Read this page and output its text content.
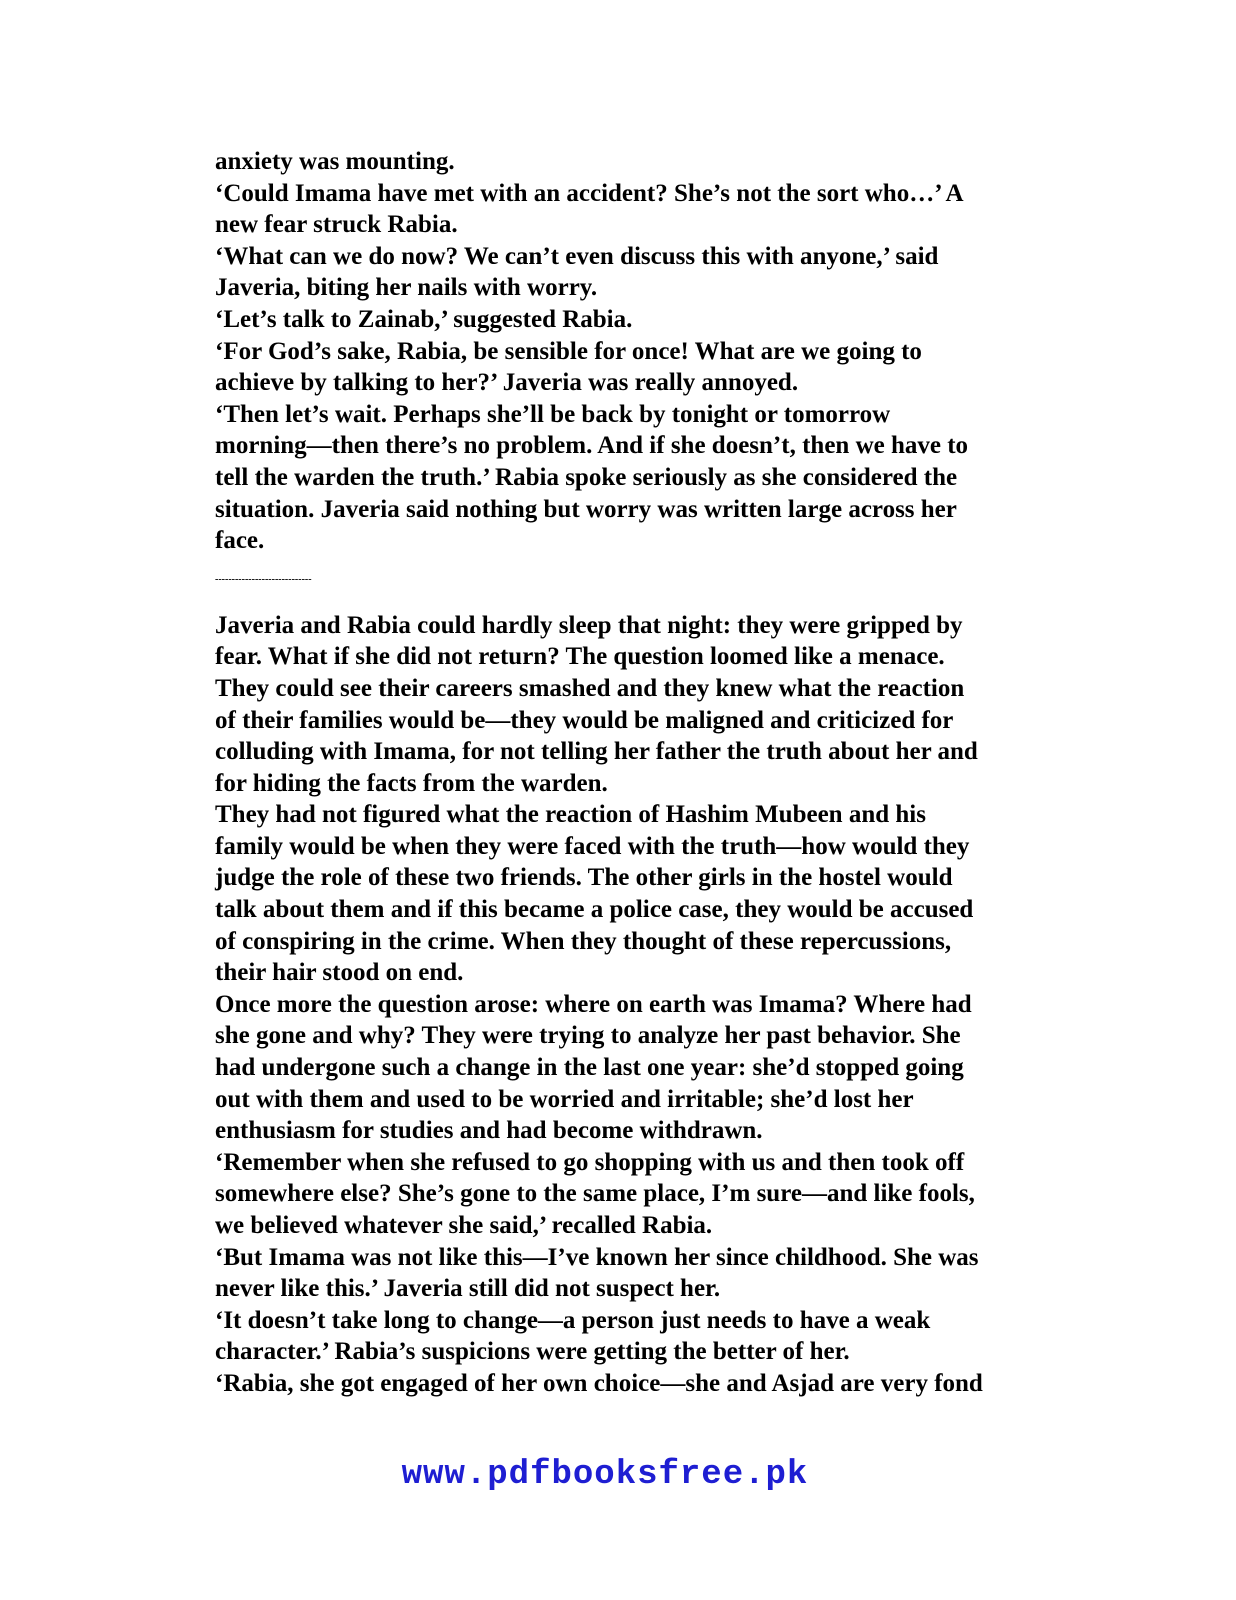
anxiety was mounting.
‘Could Imama have met with an accident? She’s not the sort who…’ A
new fear struck Rabia.
‘What can we do now? We can’t even discuss this with anyone,’ said
Javeria, biting her nails with worry.
‘Let’s talk to Zainab,’ suggested Rabia.
‘For God’s sake, Rabia, be sensible for once! What are we going to
achieve by talking to her?’ Javeria was really annoyed.
‘Then let’s wait. Perhaps she’ll be back by tonight or tomorrow
morning—then there’s no problem. And if she doesn’t, then we have to
tell the warden the truth.’ Rabia spoke seriously as she considered the
situation. Javeria said nothing but worry was written large across her
face.
-----------------------------
Javeria and Rabia could hardly sleep that night: they were gripped by
fear. What if she did not return? The question loomed like a menace.
They could see their careers smashed and they knew what the reaction
of their families would be—they would be maligned and criticized for
colluding with Imama, for not telling her father the truth about her and
for hiding the facts from the warden.
They had not figured what the reaction of Hashim Mubeen and his
family would be when they were faced with the truth—how would they
judge the role of these two friends. The other girls in the hostel would
talk about them and if this became a police case, they would be accused
of conspiring in the crime. When they thought of these repercussions,
their hair stood on end.
Once more the question arose: where on earth was Imama? Where had
she gone and why? They were trying to analyze her past behavior. She
had undergone such a change in the last one year: she’d stopped going
out with them and used to be worried and irritable; she’d lost her
enthusiasm for studies and had become withdrawn.
‘Remember when she refused to go shopping with us and then took off
somewhere else? She’s gone to the same place, I’m sure—and like fools,
we believed whatever she said,’ recalled Rabia.
‘But Imama was not like this—I’ve known her since childhood. She was
never like this.’ Javeria still did not suspect her.
‘It doesn’t take long to change—a person just needs to have a weak
character.’ Rabia’s suspicions were getting the better of her.
‘Rabia, she got engaged of her own choice—she and Asjad are very fond
www.pdfbooksfree.pk
